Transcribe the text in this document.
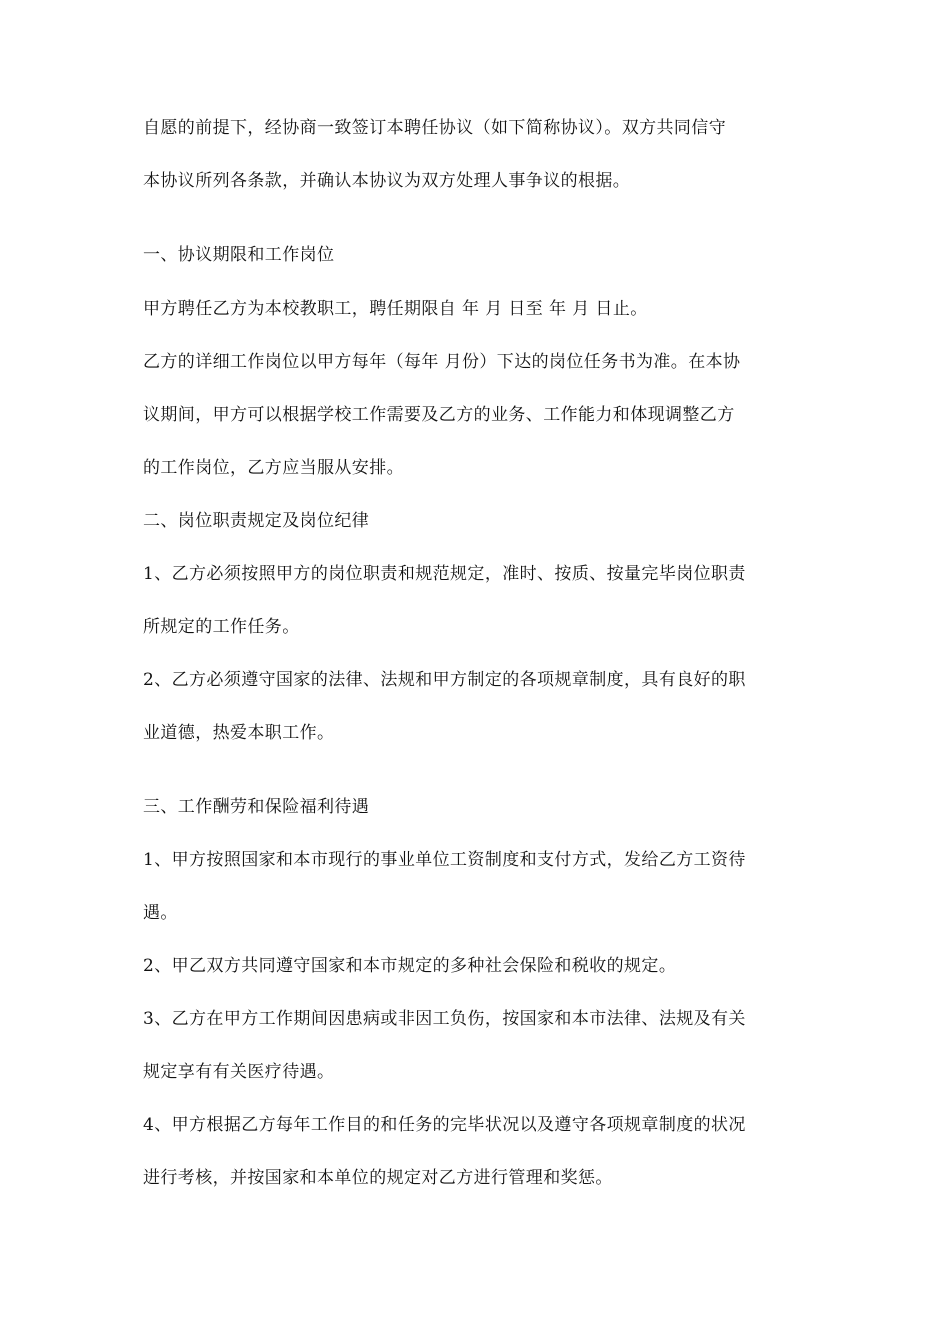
自愿的前提下，经协商一致签订本聘任协议（如下简称协议）。双方共同信守
本协议所列各条款，并确认本协议为双方处理人事争议的根据。
一、协议期限和工作岗位
甲方聘任乙方为本校教职工，聘任期限自 年 月 日至 年 月 日止。
乙方的详细工作岗位以甲方每年（每年 月份）下达的岗位任务书为准。在本协
议期间，甲方可以根据学校工作需要及乙方的业务、工作能力和体现调整乙方
的工作岗位，乙方应当服从安排。
二、岗位职责规定及岗位纪律
1、乙方必须按照甲方的岗位职责和规范规定，准时、按质、按量完毕岗位职责
所规定的工作任务。
2、乙方必须遵守国家的法律、法规和甲方制定的各项规章制度，具有良好的职
业道德，热爱本职工作。
三、工作酬劳和保险福利待遇
1、甲方按照国家和本市现行的事业单位工资制度和支付方式，发给乙方工资待
遇。
2、甲乙双方共同遵守国家和本市规定的多种社会保险和税收的规定。
3、乙方在甲方工作期间因患病或非因工负伤，按国家和本市法律、法规及有关
规定享有有关医疗待遇。
4、甲方根据乙方每年工作目的和任务的完毕状况以及遵守各项规章制度的状况
进行考核，并按国家和本单位的规定对乙方进行管理和奖惩。
